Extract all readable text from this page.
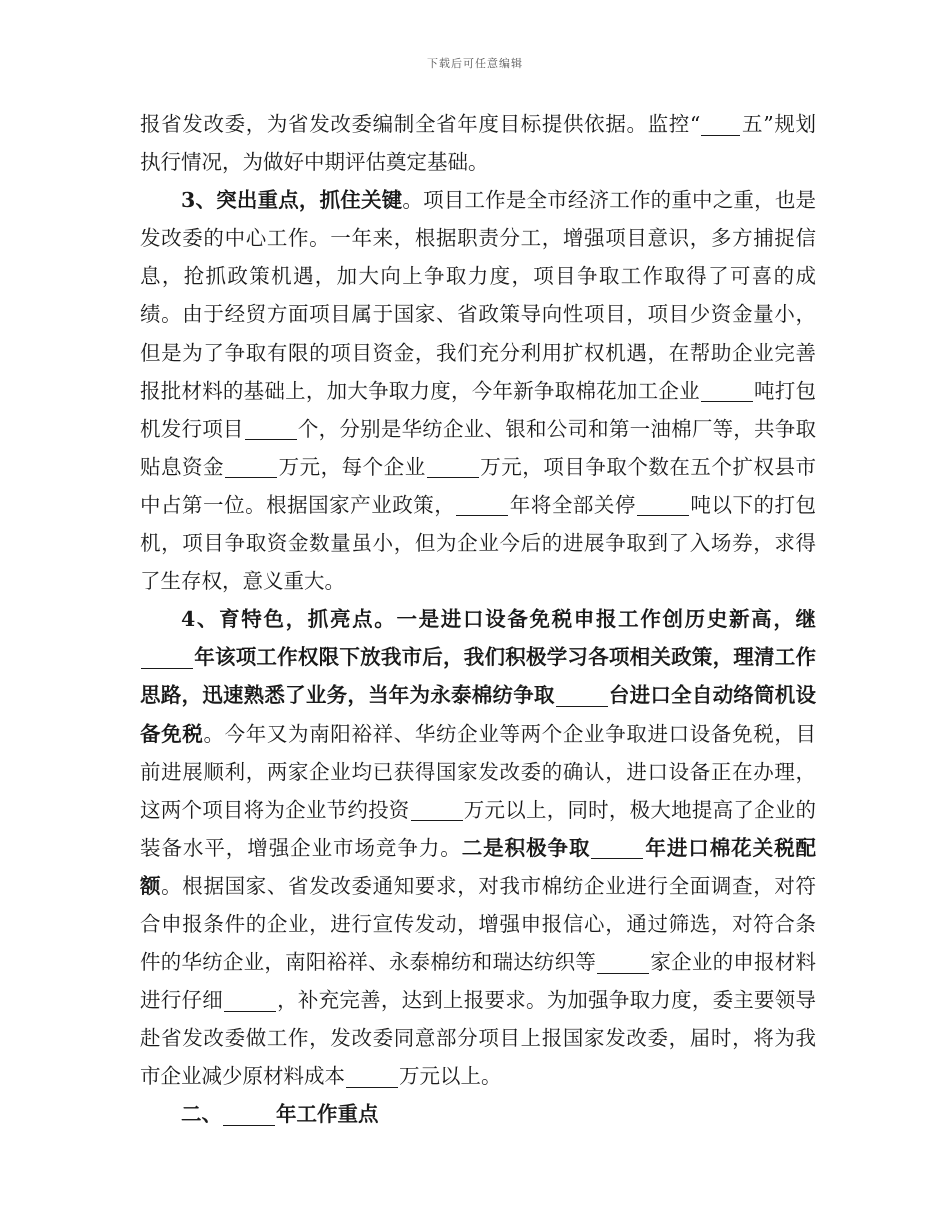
下载后可任意编辑

报省发改委，为省发改委编制全省年度目标提供依据。监控“ 五”规划执行情况，为做好中期评估奠定基础。

3、突出重点，抓住关键。项目工作是全市经济工作的重中之重，也是发改委的中心工作。一年来，根据职责分工，增强项目意识，多方捕捉信息，抢抓政策机遇，加大向上争取力度，项目争取工作取得了可喜的成绩。由于经贸方面项目属于国家、省政策导向性项目，项目少资金量小，但是为了争取有限的项目资金，我们充分利用扩权机遇，在帮助企业完善报批材料的基础上，加大争取力度，今年新争取棉花加工企业	吨打包机发行项目	个，分别是华纺企业、银和公司和第一油棉厂等，共争取贴息资金	万元，每个企业	万元，项目争取个数在五个扩权县市中占第一位。根据国家产业政策，	年将全部关停	吨以下的打包机，项目争取资金数量虽小，但为企业今后的进展争取到了入场券，求得了生存权，意义重大。

4、育特色，抓亮点。一是进口设备免税申报工作创历史新高，继年该项工作权限下放我市后，我们积极学习各项相关政策，理清工作思路，迅速熟悉了业务，当年为永泰棉纺争取	台进口全自动络筒机设备免税。今年又为南阳裕祥、华纺企业等两个企业争取进口设备免税，目前进展顺利，两家企业均已获得国家发改委的确认，进口设备正在办理，这两个项目将为企业节约投资	万元以上，同时，极大地提高了企业的装备水平，增强企业市场竞争力。二是积极争取	年进口棉花关税配额。根据国家、省发改委通知要求，对我市棉纺企业进行全面调查，对符合申报条件的企业，进行宣传发动，增强申报信心，通过筛选，对符合条件的华纺企业，南阳裕祥、永泰棉纺和瑞达纺织等	家企业的申报材料进行仔细	，补充完善，达到上报要求。为加强争取力度，委主要领导赴省发改委做工作，发改委同意部分项目上报国家发改委，届时，将为我市企业减少原材料成本	万元以上。

二、	年工作重点
